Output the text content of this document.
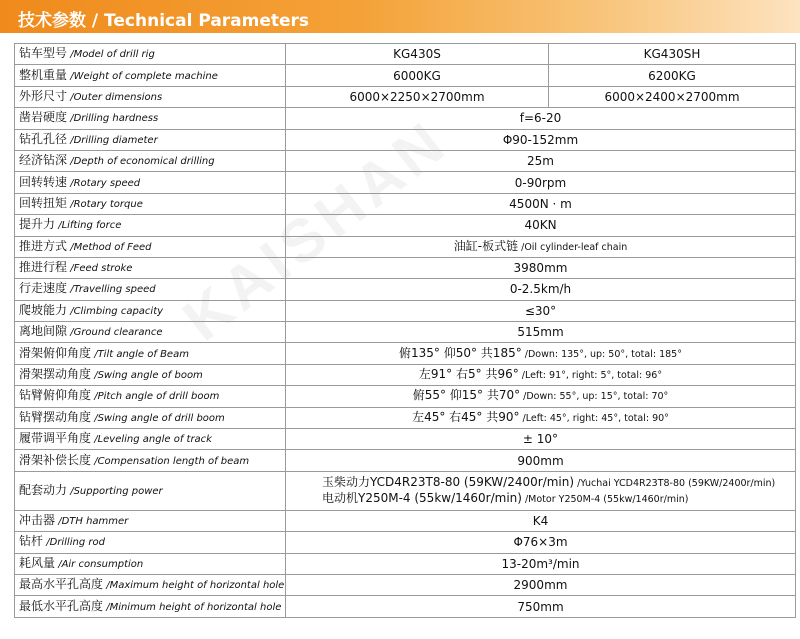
技术参数 / Technical Parameters
KAISHAN
钻车型号 /Model of drill rig	KG430S	KG430SH
整机重量 /Weight of complete machine	6000KG	6200KG
外形尺寸 /Outer dimensions	6000×2250×2700mm	6000×2400×2700mm
凿岩硬度 /Drilling hardness	f=6-20	
钻孔孔径 /Drilling diameter	Φ90-152mm	
经济钻深 /Depth of economical drilling	25m	
回转转速 /Rotary speed	0-90rpm	
回转扭矩 /Rotary torque	4500N · m	
提升力 /Lifting force	40KN	
推进方式 /Method of Feed	油缸-板式链 /Oil cylinder-leaf chain	
推进行程 /Feed stroke	3980mm	
行走速度 /Travelling speed	0-2.5km/h	
爬坡能力 /Climbing capacity	≤30°	
离地间隙 /Ground clearance	515mm	
滑架俯仰角度 /Tilt angle of Beam	俯135° 仰50° 共185° /Down: 135°, up: 50°, total: 185°	
滑架摆动角度 /Swing angle of boom	左91° 右5° 共96° /Left: 91°, right: 5°, total: 96°	
钻臂俯仰角度 /Pitch angle of drill boom	俯55° 仰15° 共70° /Down: 55°, up: 15°, total: 70°	
钻臂摆动角度 /Swing angle of drill boom	左45° 右45° 共90° /Left: 45°, right: 45°, total: 90°	
履带调平角度 /Leveling angle of track	± 10°	
滑架补偿长度 /Compensation length of beam	900mm	
配套动力 /Supporting power	玉柴动力YCD4R23T8-80 (59KW/2400r/min) /Yuchai YCD4R23T8-80 (59KW/2400r/min)
电动机Y250M-4 (55kw/1460r/min) /Motor Y250M-4 (55kw/1460r/min)	

冲击器 /DTH hammer	K4	
钻杆 /Drilling rod	Φ76×3m	
耗风量 /Air consumption	13-20m³/min	
最高水平孔高度 /Maximum height of horizontal hole	2900mm	
最低水平孔高度 /Minimum height of horizontal hole	750mm	
